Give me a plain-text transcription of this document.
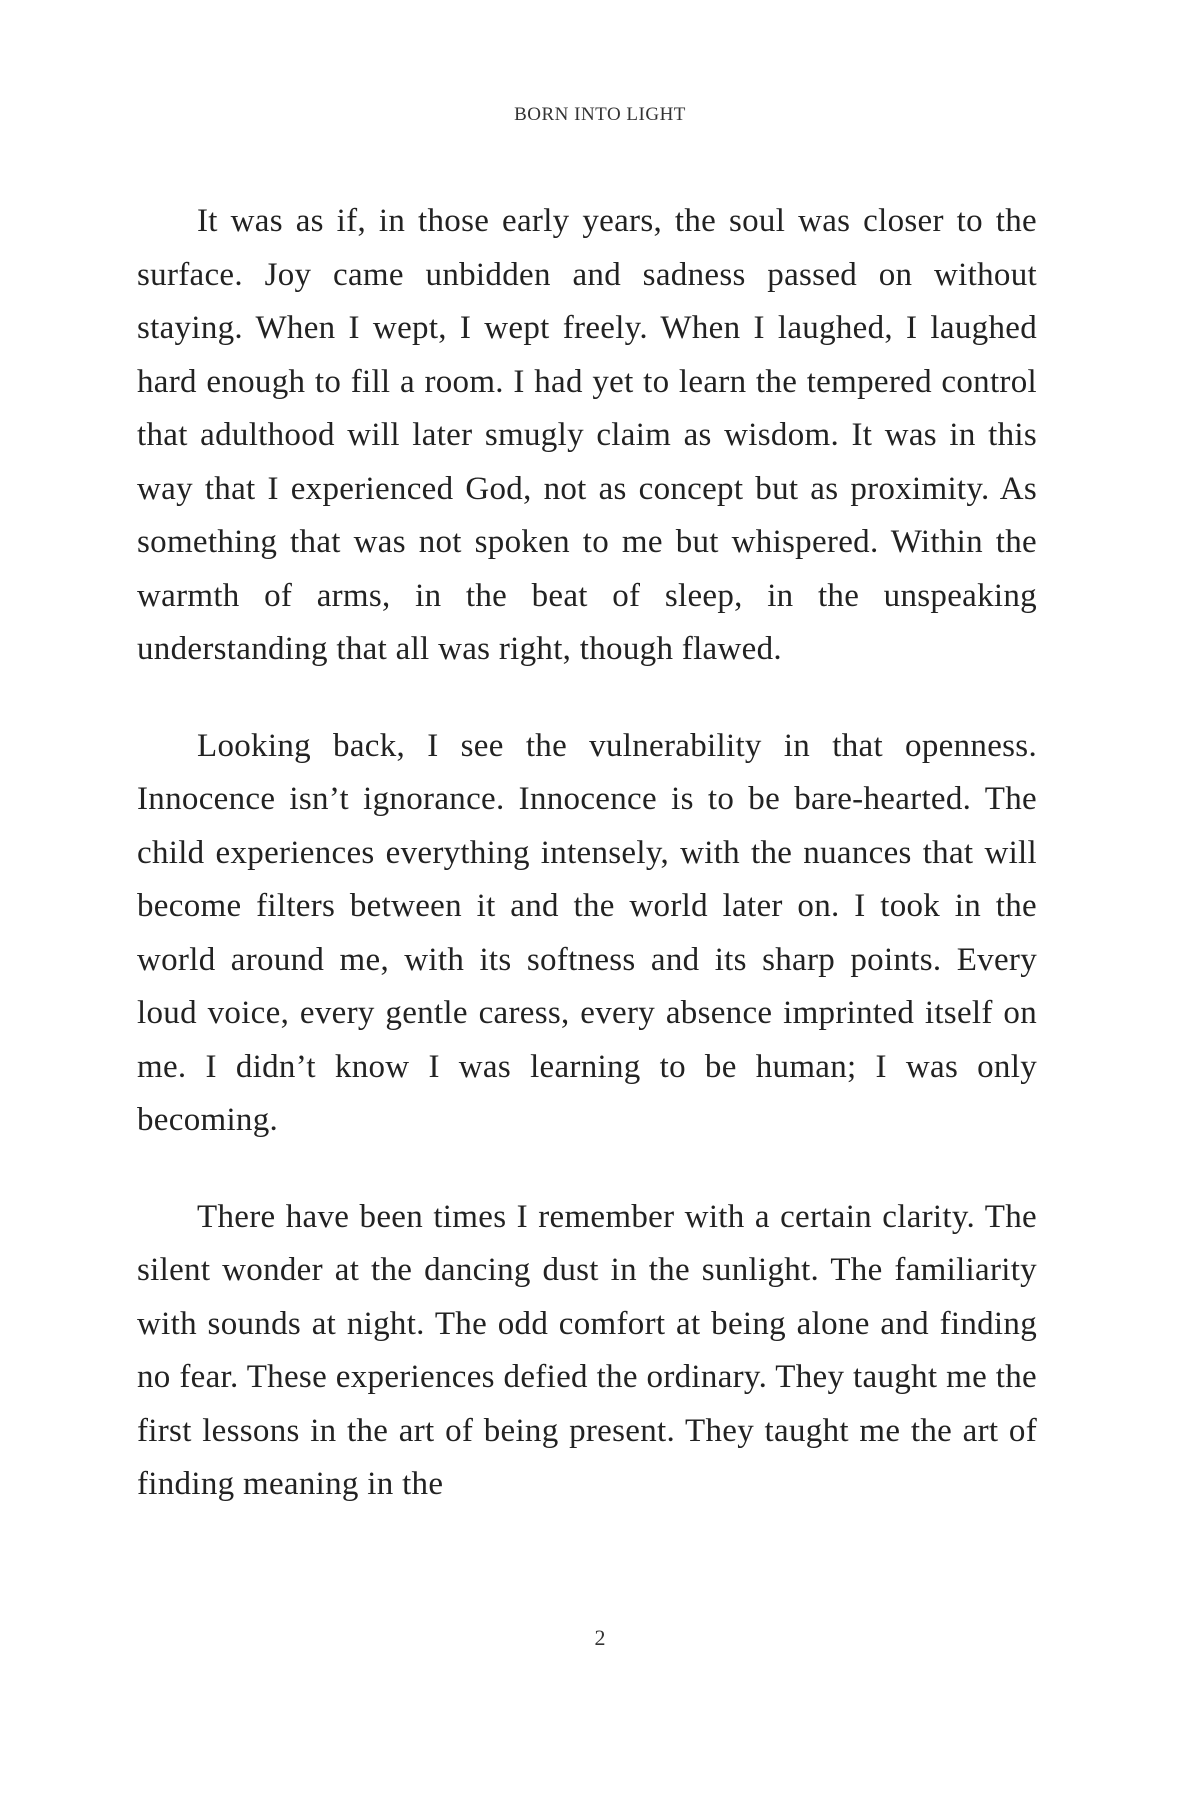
BORN INTO LIGHT

It was as if, in those early years, the soul was closer to the surface. Joy came unbidden and sadness passed on without staying. When I wept, I wept freely. When I laughed, I laughed hard enough to fill a room. I had yet to learn the tempered control that adulthood will later smugly claim as wisdom. It was in this way that I experienced God, not as concept but as proximity. As something that was not spoken to me but whispered. Within the warmth of arms, in the beat of sleep, in the unspeaking understanding that all was right, though flawed.

Looking back, I see the vulnerability in that openness. Innocence isn’t ignorance. Innocence is to be bare-hearted. The child experiences everything intensely, with the nuances that will become filters between it and the world later on. I took in the world around me, with its softness and its sharp points. Every loud voice, every gentle caress, every absence imprinted itself on me. I didn’t know I was learning to be human; I was only becoming.

There have been times I remember with a certain clarity. The silent wonder at the dancing dust in the sunlight. The familiarity with sounds at night. The odd comfort at being alone and finding no fear. These experiences defied the ordinary. They taught me the first lessons in the art of being present. They taught me the art of finding meaning in the

2
